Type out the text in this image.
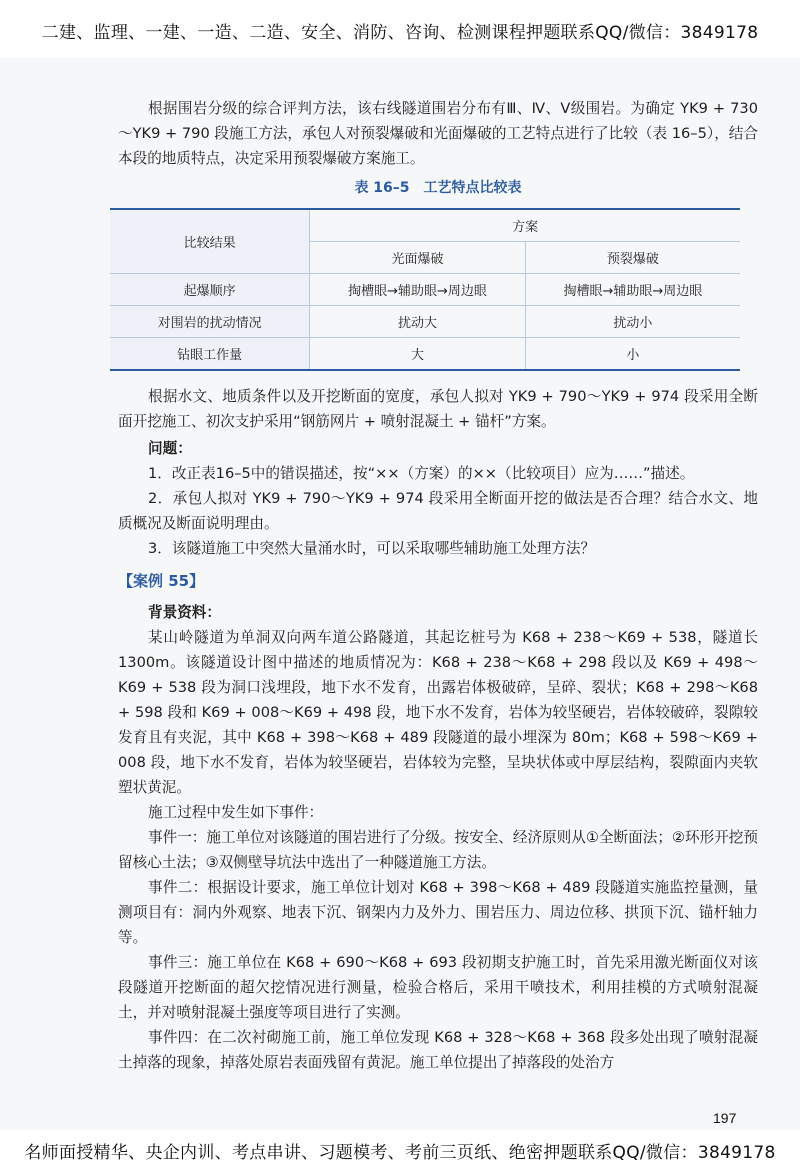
二建、监理、一建、一造、二造、安全、消防、咨询、检测课程押题联系QQ/微信：3849178

根据围岩分级的综合评判方法，该右线隧道围岩分布有Ⅲ、Ⅳ、Ⅴ级围岩。为确定 YK9 + 730～YK9 + 790 段施工方法，承包人对预裂爆破和光面爆破的工艺特点进行了比较（表 16–5），结合本段的地质特点，决定采用预裂爆破方案施工。

表 16–5　工艺特点比较表
比较结果	方案	
	光面爆破	预裂爆破
起爆顺序	掏槽眼→辅助眼→周边眼	掏槽眼→辅助眼→周边眼
对围岩的扰动情况	扰动大	扰动小
钻眼工作量	大	小

根据水文、地质条件以及开挖断面的宽度，承包人拟对 YK9 + 790～YK9 + 974 段采用全断面开挖施工、初次支护采用“钢筋网片 + 喷射混凝土 + 锚杆”方案。

问题：

1．改正表16–5中的错误描述，按“××（方案）的××（比较项目）应为……”描述。

2．承包人拟对 YK9 + 790～YK9 + 974 段采用全断面开挖的做法是否合理？结合水文、地质概况及断面说明理由。

3．该隧道施工中突然大量涌水时，可以采取哪些辅助施工处理方法？

【案例 55】

背景资料：

某山岭隧道为单洞双向两车道公路隧道，其起讫桩号为 K68 + 238～K69 + 538，隧道长 1300m。该隧道设计图中描述的地质情况为：K68 + 238～K68 + 298 段以及 K69 + 498～K69 + 538 段为洞口浅埋段，地下水不发育，出露岩体极破碎，呈碎、裂状；K68 + 298～K68 + 598 段和 K69 + 008～K69 + 498 段，地下水不发育，岩体为较坚硬岩，岩体较破碎，裂隙较发育且有夹泥，其中 K68 + 398～K68 + 489 段隧道的最小埋深为 80m；K68 + 598～K69 + 008 段，地下水不发育，岩体为较坚硬岩，岩体较为完整，呈块状体或中厚层结构，裂隙面内夹软塑状黄泥。

施工过程中发生如下事件：

事件一：施工单位对该隧道的围岩进行了分级。按安全、经济原则从①全断面法；②环形开挖预留核心土法；③双侧壁导坑法中选出了一种隧道施工方法。

事件二：根据设计要求，施工单位计划对 K68 + 398～K68 + 489 段隧道实施监控量测，量测项目有：洞内外观察、地表下沉、钢架内力及外力、围岩压力、周边位移、拱顶下沉、锚杆轴力等。

事件三：施工单位在 K68 + 690～K68 + 693 段初期支护施工时，首先采用激光断面仪对该段隧道开挖断面的超欠挖情况进行测量，检验合格后，采用干喷技术，利用挂模的方式喷射混凝土，并对喷射混凝土强度等项目进行了实测。

事件四：在二次衬砌施工前，施工单位发现 K68 + 328～K68 + 368 段多处出现了喷射混凝土掉落的现象，掉落处原岩表面残留有黄泥。施工单位提出了掉落段的处治方

197
名师面授精华、央企内训、考点串讲、习题模考、考前三页纸、绝密押题联系QQ/微信：3849178
